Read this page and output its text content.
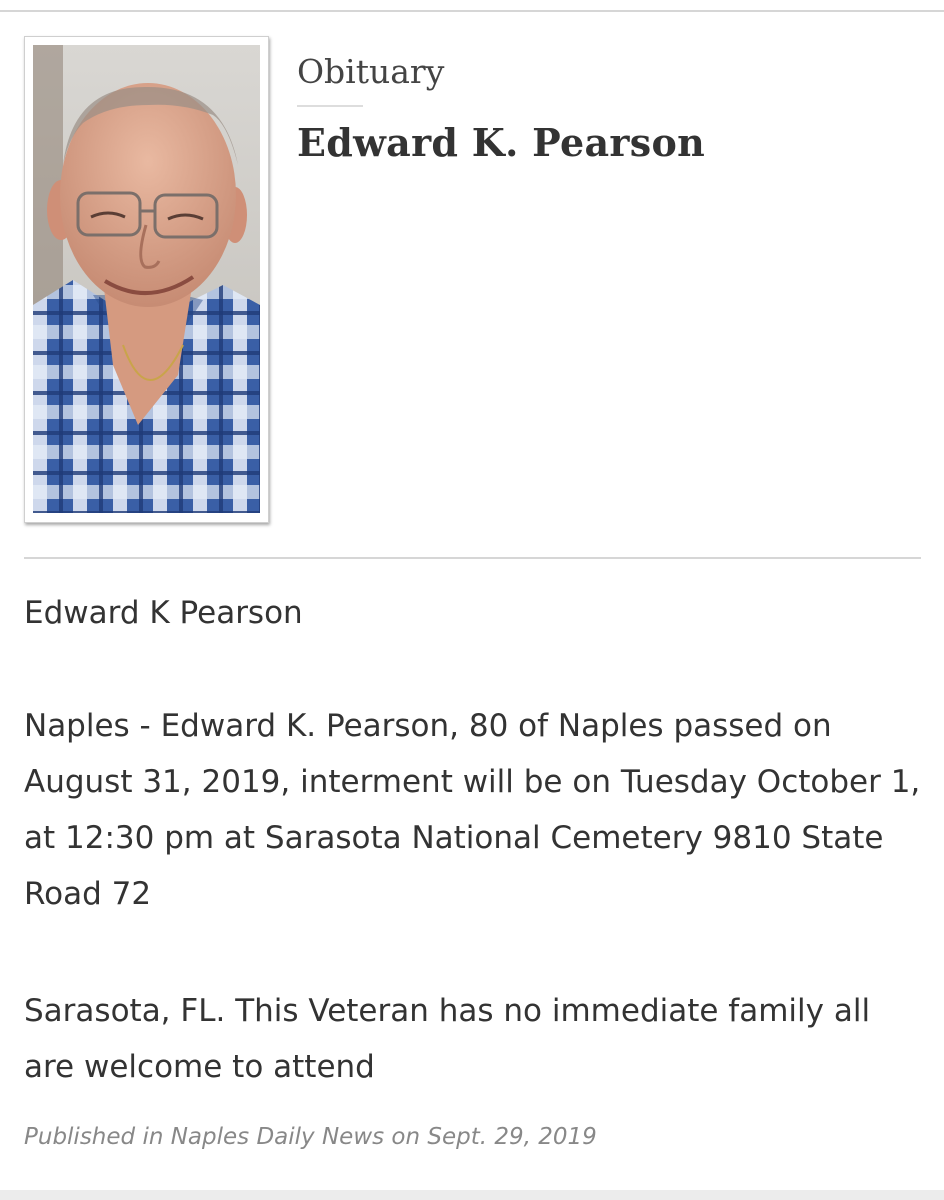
Obituary
Edward K. Pearson

Edward K Pearson

Naples - Edward K. Pearson, 80 of Naples passed on August 31, 2019, interment will be on Tuesday October 1, at 12:30 pm at Sarasota National Cemetery 9810 State Road 72

Sarasota, FL. This Veteran has no immediate family all are welcome to attend

Published in Naples Daily News on Sept. 29, 2019
